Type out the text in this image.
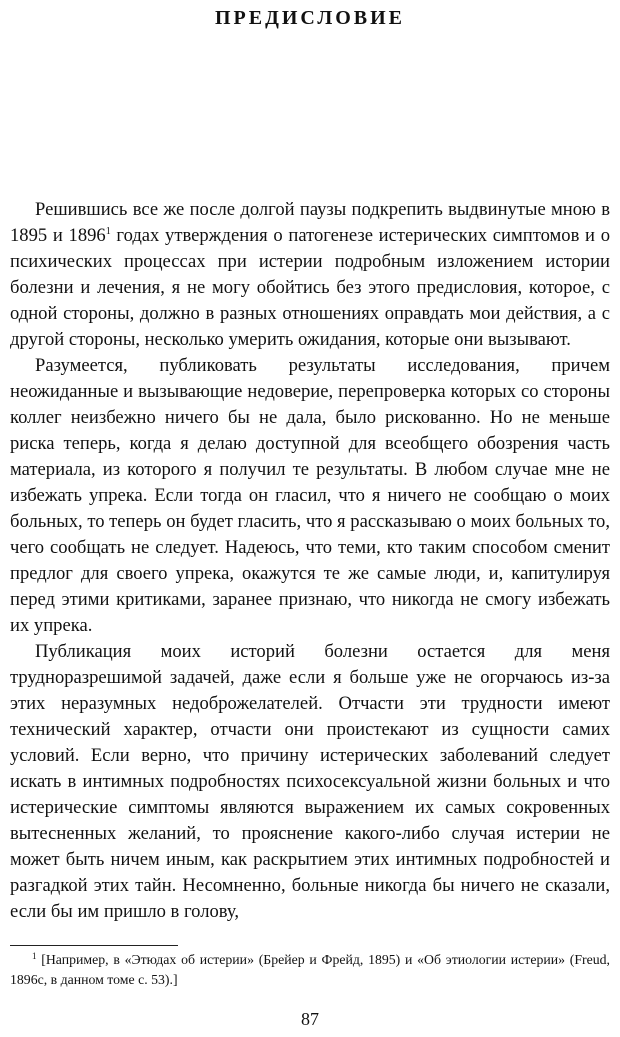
ПРЕДИСЛОВИЕ

Решившись все же после долгой паузы подкрепить выдвинутые мною в 1895 и 1896$^1$ годах утверждения о патогенезе истерических симптомов и о психических процессах при истерии подробным изложением истории болезни и лечения, я не могу обойтись без этого предисловия, которое, с одной стороны, должно в разных отношениях оправдать мои действия, а с другой стороны, несколько умерить ожидания, которые они вызывают.

Разумеется, публиковать результаты исследования, причем неожиданные и вызывающие недоверие, перепроверка которых со стороны коллег неизбежно ничего бы не дала, было рискованно. Но не меньше риска теперь, когда я делаю доступной для всеобщего обозрения часть материала, из которого я получил те результаты. В любом случае мне не избежать упрека. Если тогда он гласил, что я ничего не сообщаю о моих больных, то теперь он будет гласить, что я рассказываю о моих больных то, чего сообщать не следует. Надеюсь, что теми, кто таким способом сменит предлог для своего упрека, окажутся те же самые люди, и, капитулируя перед этими критиками, заранее признаю, что никогда не смогу избежать их упрека.

Публикация моих историй болезни остается для меня трудноразрешимой задачей, даже если я больше уже не огорчаюсь из-за этих неразумных недоброжелателей. Отчасти эти трудности имеют технический характер, отчасти они проистекают из сущности самих условий. Если верно, что причину истерических заболеваний следует искать в интимных подробностях психосексуальной жизни больных и что истерические симптомы являются выражением их самых сокровенных вытесненных желаний, то прояснение какого-либо случая истерии не может быть ничем иным, как раскрытием этих интимных подробностей и разгадкой этих тайн. Несомненно, больные никогда бы ничего не сказали, если бы им пришло в голову,

$^1$ [Например, в «Этюдах об истерии» (Брейер и Фрейд, 1895) и «Об этиологии истерии» (Freud, 1896с, в данном томе с. 53).]
87
